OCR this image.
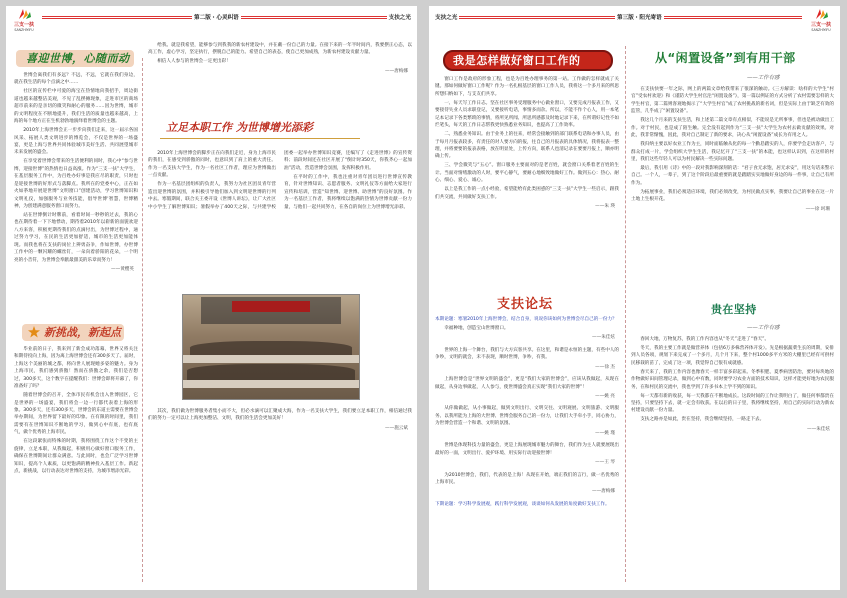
三支一扶
SANZHIYIFU
第二版・心灵纠语	支扶之光
喜迎世博，心随而动

世博会离我们有多远？不远，不远，它就在我们身边，就在我生活的每个点滴之中……

社区的宣传栏中可爱的海宝在热情地向我招手，周边街道也越来越整洁美观，不见了乱摆摊现象，走进市区的商场超市前来的是亲切的微笑和耐心的服务……因为世博，城市的文明程度在不断地提升，我们生活的质量也越来越高，上海的每个地方正在生机勃勃地演绎着世博会的主题。

2010年上海世博会正一步步向我们走来，这一届示各国风采、拓展人类文明进步的博览会，不仅是世界的一场盛宴，更是上海与世界共同体验城市美好生活、共同展望城市未来发展的盛会。

在享受着世博会带来的生活便利的同时，我心中“参与世博，迎接世博”的热情也日益高涨。作为“三支一扶”大学生，在基层服务工作中，为百姓办好事是我应尽的职责，只时也是迎接世博的好形式与落脚点。我所在的党委中心，正在如火如荼地开展迎世博“文明窗口”创建活动，学习世博知识和文明礼仪，加强服务与业务技能，倡导世博'智慧，世博精神，为创建满意服务窗口而努力。

站在世博倒计时牌前，看着时间一秒秒的过去，我的心也在期待着一下下地悸动，期待着2010年以崭新的面貌欢迎八方来客，积极更期待我们的点滴付出，为世博过程中，通过努力学习，在民的生活更加舒适，城市的生活更加能体现。而我也将在支扶的岗位上辨勇奋争，作如世博，办世博工作中的一颗闪耀的螺丝钉，一朵向着骄阳的花朵，一个明亮的小音符，为世博会奉献最甜美的乐章而努力！

——黄樱英
新挑战，新起点

毕业前的日子，我来到了新会成功落幕，世界又将关注和期待投向上海，因为离上海世博会还有300多天了。届时，上海这个美丽的城之都，将向世人展现她多姿的魅力。身为上海市民，我们感到骄傲！然而在骄傲之余，我们是否想过，300多天，这个数字在提醒我们：世博会即将开幕了，你准备好了吗？

随着世博会的召开，全体市民有机会出入世博园区，它是世界的一场盛宴，我们将会一边一行都代表着上海的形象。300多天，还有300多天，世博会的东道主需要在世博会举办期间，为世界留下最好的印象。在有限的时间里，我们需要有在世博知识不断地的学习，做到心中有底，也有底气，做个优秀的上海市民。

在这段紧张而特殊的时期，我将围绕工作这个不变的主旋律，立足本职，从我做起，积极用心做好窗口服务工作，确保在世博期间让群众满意。与此同时，也会广泛学习世博知识，提高个人素质，以更饱满的精神投入基层工作。新起点，新挑战，以行动表达对世博的支持，为城市增添光彩。

给我。就是我希望，能够参与到我我的新农村建设中，并在戴一份自己的力量。在接下来的一年半时间内，我要摆正心态，以高工作，虚心学习，坚定执行，摆脱自己的能力。希望自己的表态，使自己更加成熟，为新农村建设贡献力量。

相信人人参与的世博会一定更出彩！

——唐梅娜
立足本职工作 为世博增光添彩

2010年上海世博会的脚步正在向我们走近，身为上海市民的我们，在感受到骄傲的同时，也意识到了肩上的重大责任。作为一名支扶大学生，作为一名社区工作者，理应为世博做出一点贡献。

作为一名基层团组织的负责人，我努力为社区团员青年营造出迎世博的氛围，并积极引导他们加入到文明迎世博的行列中去。寒假期间，联合关王委开设《世博人讲坛》，让广大社区中小学生了解世博知识；暑假举办了400天之际，与共建学校团委一起举办世博知识竞赛，还编写了《走进世博》的宣传资料；前段时间还在社区开展了“倒计时350天，你我齐心一起加油”活动，营造世博会氛围，发挥积极作用。

在平时的工作中，我也注重对青年团员进行世博宣传教育，针对世博知识、志愿者服务、文明礼仪等方面给大家进行宣传和培训，营造“知世博、迎世博、助世博”的良好氛围。作为一名基层工作者，我将继续以饱满的热情为世博贡献一份力量，与他们一起共同努力，在各自的岗位上为世博增光添彩。

其次，我们做为世博服务者集小而不大，但必水滴可以汇聚成大海，作为一名支扶大学生，我们要立足本职工作，相信通过我们的努力一定可以让上海更加整洁、文明，我们的生活会更加美好！

——施云斌
三支一扶
SANZHIYIFU
支扶之光	第三版・阳光寄语
我是怎样做好窗口工作的

窗口工作是政府的形象工程，也是为百姓办理事务的第一站。工作做的怎样就成了关键。那如何做好窗口工作呢？作为一名扎根基层的窗口工作人员，我将这一个多月来的所思所想归纳如下，与支友们共享。

一、每天写工作日志。坚在社区事务受理服务中心做业窗口，又要完成月报表工作，又要接待失业人员求职登记，又要接听电话，事情多而杂。所以，不能不作个心人，用一本笔记本记录下各类繁琐的事情，将所见所闻、所思所感都及时地记录下来，在所谓好记性不如烂笔头，每天的工作日志帮我更快熟悉业务知识，也提高了工作效率。

二、熟悉业务知识。由于业务上的往来，经常会接触到的部门联系电话和办事人员，由于每月月报表较多，有责任的对人要方向的报，往自己的月报表的具体情况，我将报表一整理，并将要要的报表表格，放在明显处，上传方向，联系人也清记录在要要月报上，顺亦明确上传。

三、学会微笑与“五心”。窗口服务主要面对的是老百姓，就会窗口关系着老百姓的生计。当面对情绪激动的人时，要平心静气，要耐心地细致地做好工作。做到五心：热心、耐心、细心、爱心、诚心。

以上是我工作的一点小经验，希望能给有此类困惑的“三支一扶”大学生一些启示，跟我们共交流，共同做好支扶工作。

——朱 瑛
支扶论坛

本期论题：寒暑2010年上海世博会，结合自身，说说你该如何为世博会尽自己的一份力？

幸福种地，创造宝山世博窗口。

——朱佳炫

世界的上海一个舞台，我们与大方宾客共享。在这里，和谐是永恒的主题，有些中人的争吵，文明的就会，未不表现，顺时世博，争吵，有我。

——徐 杰

上海世博会是“世界文明的盛会”，更是“我们大家的世博会”，应该从我做起，从现在做起，从身边事做起，人人参与，使世博盛会真正实现“我们大家的世博”！

——姚 亮

从你做做起，从小事做起，做到文明出行、文明交往、文明观展、文明旅游、文明服务、以我所能为上海的大世博、世博会服务自己的一份力，让我们大手牵小手，同心协力，为世博会营造一个和谐、文明的氛围。

——姚 瑾

世博是体现科技力量的盛会，更是上海展现城市魅力的舞台，我们作为主人就要展现出最好的一面，文明出行、爱护环境、用实际行动迎接世博！

——王 琴

为2010世博会，我们，代表的是上海！从现在开始，端正我们的言行，做一名优秀的上海市民。

——唐梅娜

下期论题：学习科学发展观，践行科学发展观，谈谈如何从发展的角度做好支扶工作。

从“闲置设备”到有用干部
——工作有感

在支扶快要一年之际，网上的两篇文章给我带来了很深的触动。《三方解读：啥样的大学生“村官”受农村欢迎》和《谨防大学生村官沦“闲置设备”》，第一篇以例证的方式分析了农村需要怎样的大学生村官，第二篇则客观地揭示了“大学生村官”成了农村挑战的新名词，但是实际上由于缺乏有效的监管，几乎成了“闲置设备”。

我这几个月来的支扶生活，和上述第二篇文章有点相似，不能说是无所事事，但也是被动做出工作。对于村民，也是成了陌生触。完全没有起到作为“三支一扶”大学生为农村去做贡献的效果。对此，我非常惭愧，因此，我对自己制定了新的要求，决心从“闲置设备”成长为有用之人。

我归纳主要以好农业工作为主，同时面临触从化的每一个勤恳踏实的人，你要学会走访客户，与群众打成一片，学会组织大学生生活，我记忆开了“三支一扶”的本能，也这样认识到，在这样的村里，我们这些年轻人可以为村民解决一些实际问题。

最后，我引用《诗》中的一段对我影响深刻的话：“君子食无求饱，居无求安”，用这句话来警示自己。一个人，一辈子，到了这个阶段后最重要的就是踏踏实实地做好身边的每一件事，让自己有所作为。

为拓展事业，我们必须适应环境，我们必须改变，为村民做点实事，我要让自己的事业在这一片土地上生根开花。

——徐 珂珊
贵在坚持
——工作有感

春回大地，万物复苏，我的工作内容也从“冬天”走进了“春天”。

冬天，我的主要工作就是做营养体（包括6万多株营养体开发）。先是根据蔬菜生长的周期，安排到人员各项，规划下来完成了一个多月，几个月下来，整个村1000多平方米的大棚里已经有可供村民移栽的苗了，完成了这一项，我觉得自己很有成就感。

春天来了，我的工作内容也像春天一样丰富多彩起来。冬季积肥、夏季病害防治，要对每块地的作物做好田间管理记录，做到心中有数，同时要学习农业方面的技术知识，这样才能更好地为农民服务，在和村民的交流中，我也学到了许多书本上学不到的知识。

每一天都有新的收获，每一天我都在不断地成长。这段时间的工作让我明白了，做任何事都贵在坚持，只要坚持下去，就一定会有收获。在以后的日子里，我将继续坚持，用自己的实际行动为新农村建设贡献一份力量。

支扶之路亦是如此，贵在坚持，我会继续坚持，一路走下去。

——朱佳炫
